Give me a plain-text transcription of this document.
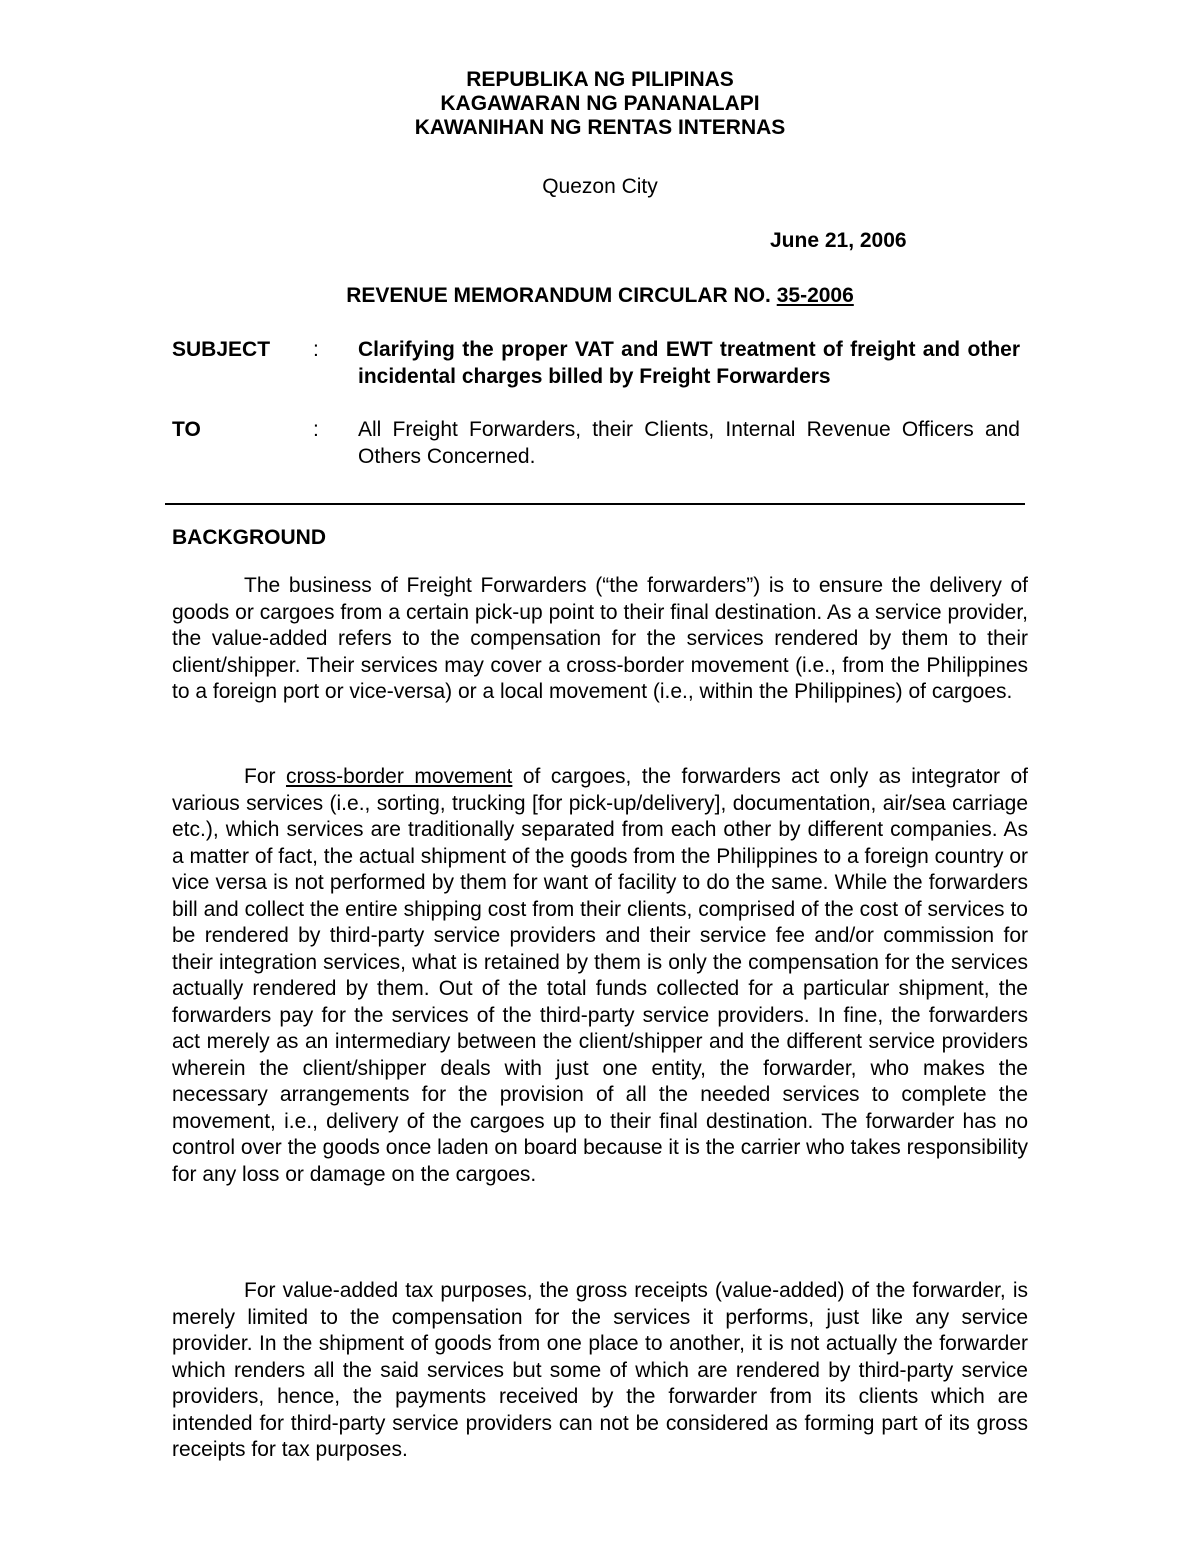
REPUBLIKA NG PILIPINAS
KAGAWARAN NG PANANALAPI
KAWANIHAN NG RENTAS INTERNAS
Quezon City
June 21, 2006
REVENUE MEMORANDUM CIRCULAR NO. 35-2006
SUBJECT : Clarifying the proper VAT and EWT treatment of freight and other incidental charges billed by Freight Forwarders
TO	: All Freight Forwarders, their Clients, Internal Revenue Officers and Others Concerned.
BACKGROUND

The business of Freight Forwarders (“the forwarders”) is to ensure the delivery of goods or cargoes from a certain pick-up point to their final destination. As a service provider, the value-added refers to the compensation for the services rendered by them to their client/shipper. Their services may cover a cross-border movement (i.e., from the Philippines to a foreign port or vice-versa) or a local movement (i.e., within the Philippines) of cargoes.

For cross-border movement of cargoes, the forwarders act only as integrator of various services (i.e., sorting, trucking [for pick-up/delivery], documentation, air/sea carriage etc.), which services are traditionally separated from each other by different companies. As a matter of fact, the actual shipment of the goods from the Philippines to a foreign country or vice versa is not performed by them for want of facility to do the same. While the forwarders bill and collect the entire shipping cost from their clients, comprised of the cost of services to be rendered by third-party service providers and their service fee and/or commission for their integration services, what is retained by them is only the compensation for the services actually rendered by them. Out of the total funds collected for a particular shipment, the forwarders pay for the services of the third-party service providers. In fine, the forwarders act merely as an intermediary between the client/shipper and the different service providers wherein the client/shipper deals with just one entity, the forwarder, who makes the necessary arrangements for the provision of all the needed services to complete the movement, i.e., delivery of the cargoes up to their final destination. The forwarder has no control over the goods once laden on board because it is the carrier who takes responsibility for any loss or damage on the cargoes.

For value-added tax purposes, the gross receipts (value-added) of the forwarder, is merely limited to the compensation for the services it performs, just like any service provider. In the shipment of goods from one place to another, it is not actually the forwarder which renders all the said services but some of which are rendered by third-party service providers, hence, the payments received by the forwarder from its clients which are intended for third-party service providers can not be considered as forming part of its gross receipts for tax purposes.
